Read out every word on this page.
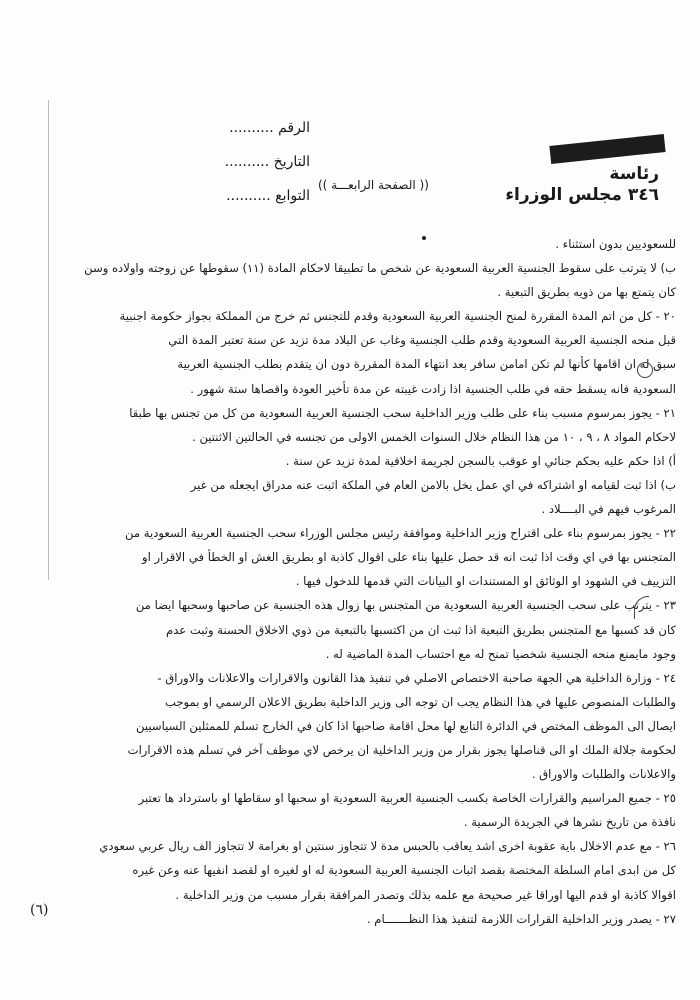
رئاسة
٣٤٦ مجلس الوزراء
الرقم ..........
التاريخ ..........
التوابع ..........
(( الصفحة الرابعـــة ))
للسعوديين بدون استثناء .
ب) لا يترتب على سقوط الجنسية العربية السعودية عن شخص ما تطبيقا لاحكام المادة (١١) سقوطها عن زوجته واولاده وسن
كان يتمتع بها من ذويه بطريق التبعية .
٢٠ - كل من اتم المدة المقررة لمنح الجنسية العربية السعودية وقدم للتجنس ثم خرج من المملكة بجواز حكومة اجنبية
قبل منحه الجنسية العربية السعودية وقدم طلب الجنسية وغاب عن البلاد مدة تزيد عن سنة تعتبر المدة التي
سبق له ان اقامها كأنها لم تكن امامن سافر بعد انتهاء المدة المقررة دون ان يتقدم بطلب الجنسية العربية
السعودية فانه يسقط حقه في طلب الجنسية اذا زادت غيبته عن مدة تأخير العودة واقصاها ستة شهور .
٢١ - يجوز بمرسوم مسبب بناء على طلب وزير الداخلية سحب الجنسية العربية السعودية من كل من تجنس بها طبقا
لاحكام المواد ٨ ، ٩ ، ١٠ من هذا النظام خلال السنوات الخمس الاولى من تجنسه في الحالتين الاثنتين .
أ) اذا حكم عليه بحكم جنائي او عوقب بالسجن لجريمة اخلاقية لمدة تزيد عن سنة .
ب) اذا ثبت لقيامه او اشتراكه في اي عمل يخل بالامن العام في الملكة اثبت عنه مدراق ايجعله من غير
المرغوب فيهم في البــــلاد .
٢٢ - يجوز بمرسوم بناء على اقتراح وزير الداخلية وموافقة رئيس مجلس الوزراء سحب الجنسية العربية السعودية من
المتجنس بها في اي وقت اذا ثبت انه قد حصل عليها بناء على اقوال كاذبة او بطريق الغش او الخطأ في الاقرار او
التزييف في الشهود او الوثائق او المستندات او البيانات التي قدمها للدخول فيها .
٢٣ - يترتب على سحب الجنسية العربية السعودية من المتجنس بها زوال هذه الجنسية عن صاحبها وسحبها ايضا من
كان قد كسبها مع المتجنس بطريق التبعية اذا ثبت ان من اكتسبها بالتبعية من ذوي الاخلاق الحسنة وثبت عدم
وجود مايمنع منحه الجنسية شخصيا تمنح له مع احتساب المدة الماضية له .
٢٤ - وزارة الداخلية هي الجهة صاحبة الاختصاص الاصلي في تنفيذ هذا القانون والاقرارات والاعلانات والاوراق -
والطلبات المنصوص عليها في هذا النظام يجب ان توجه الى وزير الداخلية بطريق الاعلان الرسمي او بموجب
ايصال الى الموظف المختص في الدائرة التابع لها محل اقامة صاحبها اذا كان في الخارج تسلم للممثلين السياسيين
لحكومة جلالة الملك او الى قناصلها يجوز بقرار من وزير الداخلية ان يرخص لاي موظف آخر في تسلم هذه الاقرارات
والاعلانات والطلبات والاوراق .
٢٥ - جميع المراسيم والقرارات الخاصة بكسب الجنسية العربية السعودية او سحبها او سقاطها او باسترداد ها تعتبر
نافذة من تاريخ نشرها في الجريدة الرسمية .
٢٦ - مع عدم الاخلال باية عقوبة اخرى اشد يعاقب بالحبس مدة لا تتجاوز سنتين او بغرامة لا تتجاوز الف ريال عربي سعودي
كل من ابدى امام السلطة المختصة بقصد اثبات الجنسية العربية السعودية له او لغيره او لقصد انفيها عنه وعن غيره
اقوالا كاذبة او قدم اليها اوراقا غير صحيحة مع علمه بذلك وتصدر المرافقة بقرار مسبب من وزير الداخلية .
٢٧ - يصدر وزير الداخلية القرارات اللازمة لتنفيذ هذا النظـــــــام .
(٦)
